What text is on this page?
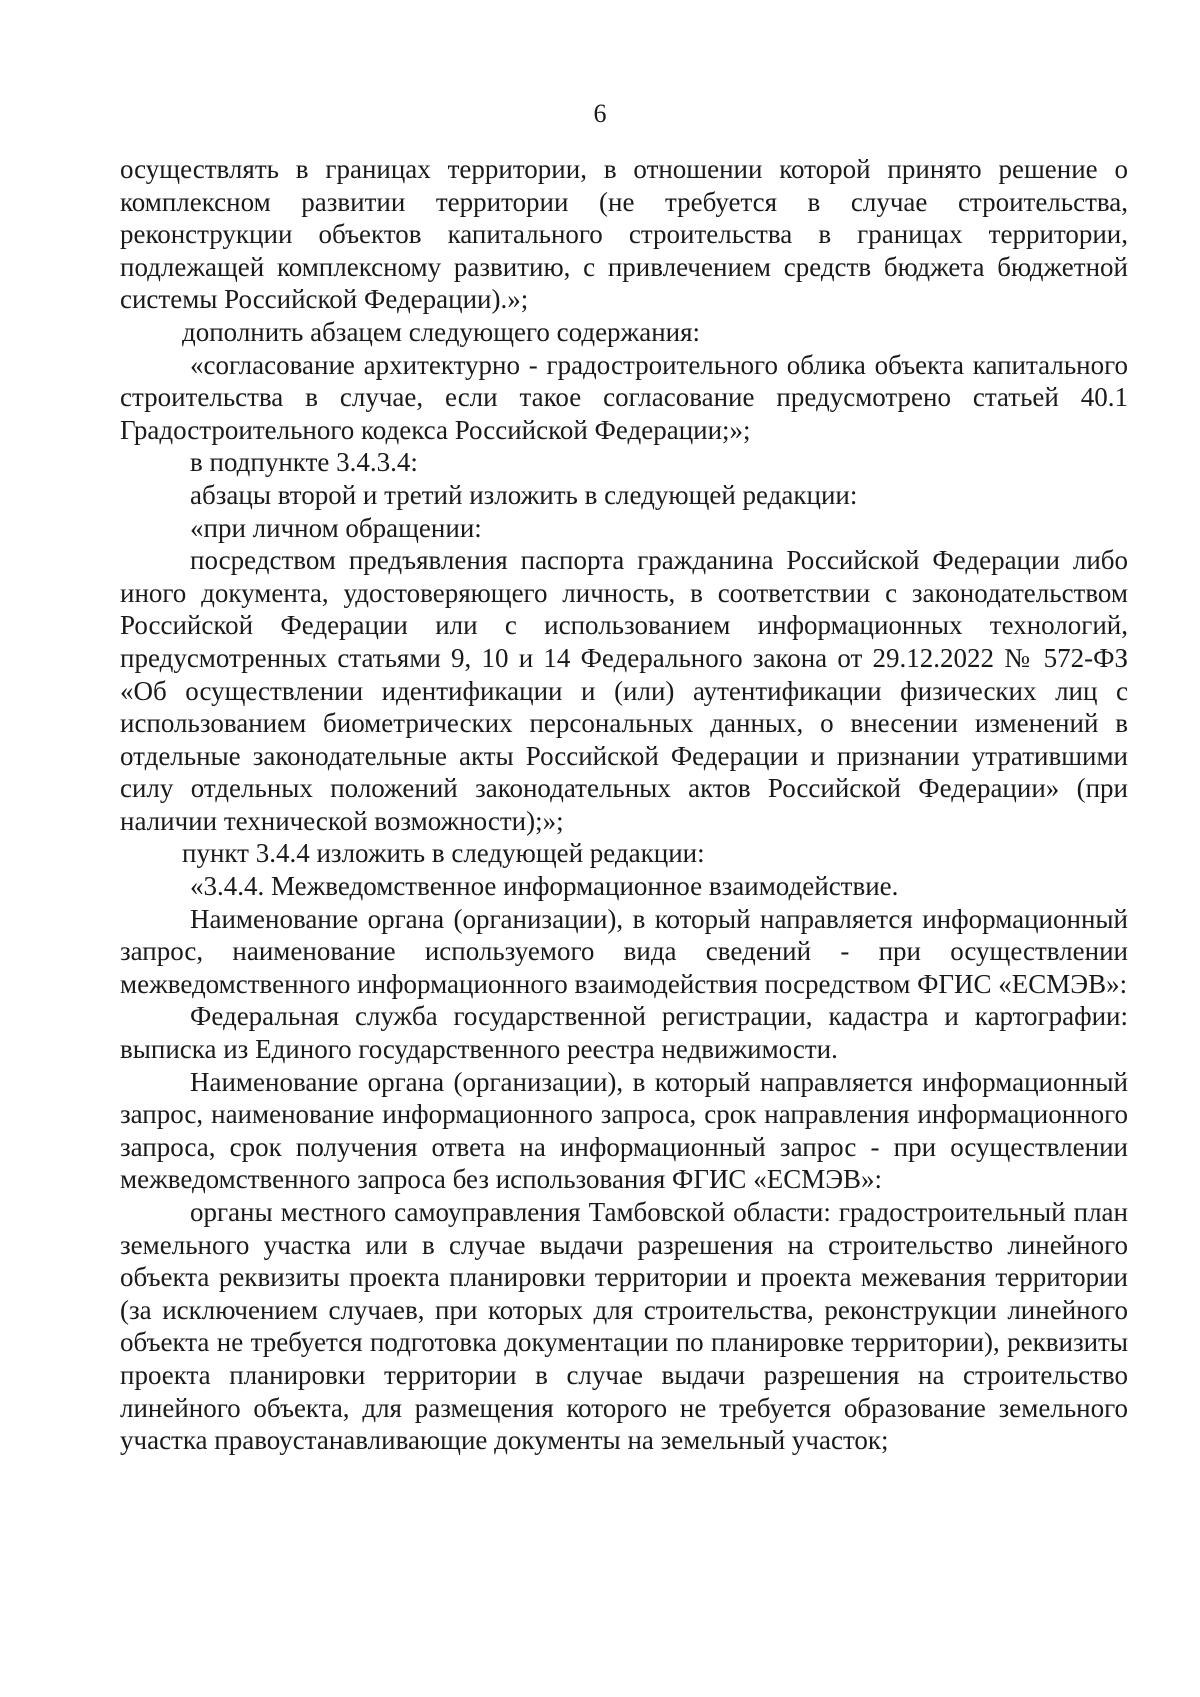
6

осуществлять в границах территории, в отношении которой принято решение о комплексном развитии территории (не требуется в случае строительства, реконструкции объектов капитального строительства в границах территории, подлежащей комплексному развитию, с привлечением средств бюджета бюджетной системы Российской Федерации).»;

дополнить абзацем следующего содержания:

«согласование архитектурно - градостроительного облика объекта капитального строительства в случае, если такое согласование предусмотрено статьей 40.1 Градостроительного кодекса Российской Федерации;»;

в подпункте 3.4.3.4:

абзацы второй и третий изложить в следующей редакции:

«при личном обращении:

посредством предъявления паспорта гражданина Российской Федерации либо иного документа, удостоверяющего личность, в соответствии с законодательством Российской Федерации или с использованием информационных технологий, предусмотренных статьями 9, 10 и 14 Федерального закона от 29.12.2022 № 572-ФЗ «Об осуществлении идентификации и (или) аутентификации физических лиц с использованием биометрических персональных данных, о внесении изменений в отдельные законодательные акты Российской Федерации и признании утратившими силу отдельных положений законодательных актов Российской Федерации» (при наличии технической возможности);»;

пункт 3.4.4 изложить в следующей редакции:

«3.4.4. Межведомственное информационное взаимодействие.

Наименование органа (организации), в который направляется информационный запрос, наименование используемого вида сведений - при осуществлении межведомственного информационного взаимодействия посредством ФГИС «ЕСМЭВ»:

Федеральная служба государственной регистрации, кадастра и картографии: выписка из Единого государственного реестра недвижимости.

Наименование органа (организации), в который направляется информационный запрос, наименование информационного запроса, срок направления информационного запроса, срок получения ответа на информационный запрос - при осуществлении межведомственного запроса без использования ФГИС «ЕСМЭВ»:

органы местного самоуправления Тамбовской области: градостроительный план земельного участка или в случае выдачи разрешения на строительство линейного объекта реквизиты проекта планировки территории и проекта межевания территории (за исключением случаев, при которых для строительства, реконструкции линейного объекта не требуется подготовка документации по планировке территории), реквизиты проекта планировки территории в случае выдачи разрешения на строительство линейного объекта, для размещения которого не требуется образование земельного участка правоустанавливающие документы на земельный участок;
